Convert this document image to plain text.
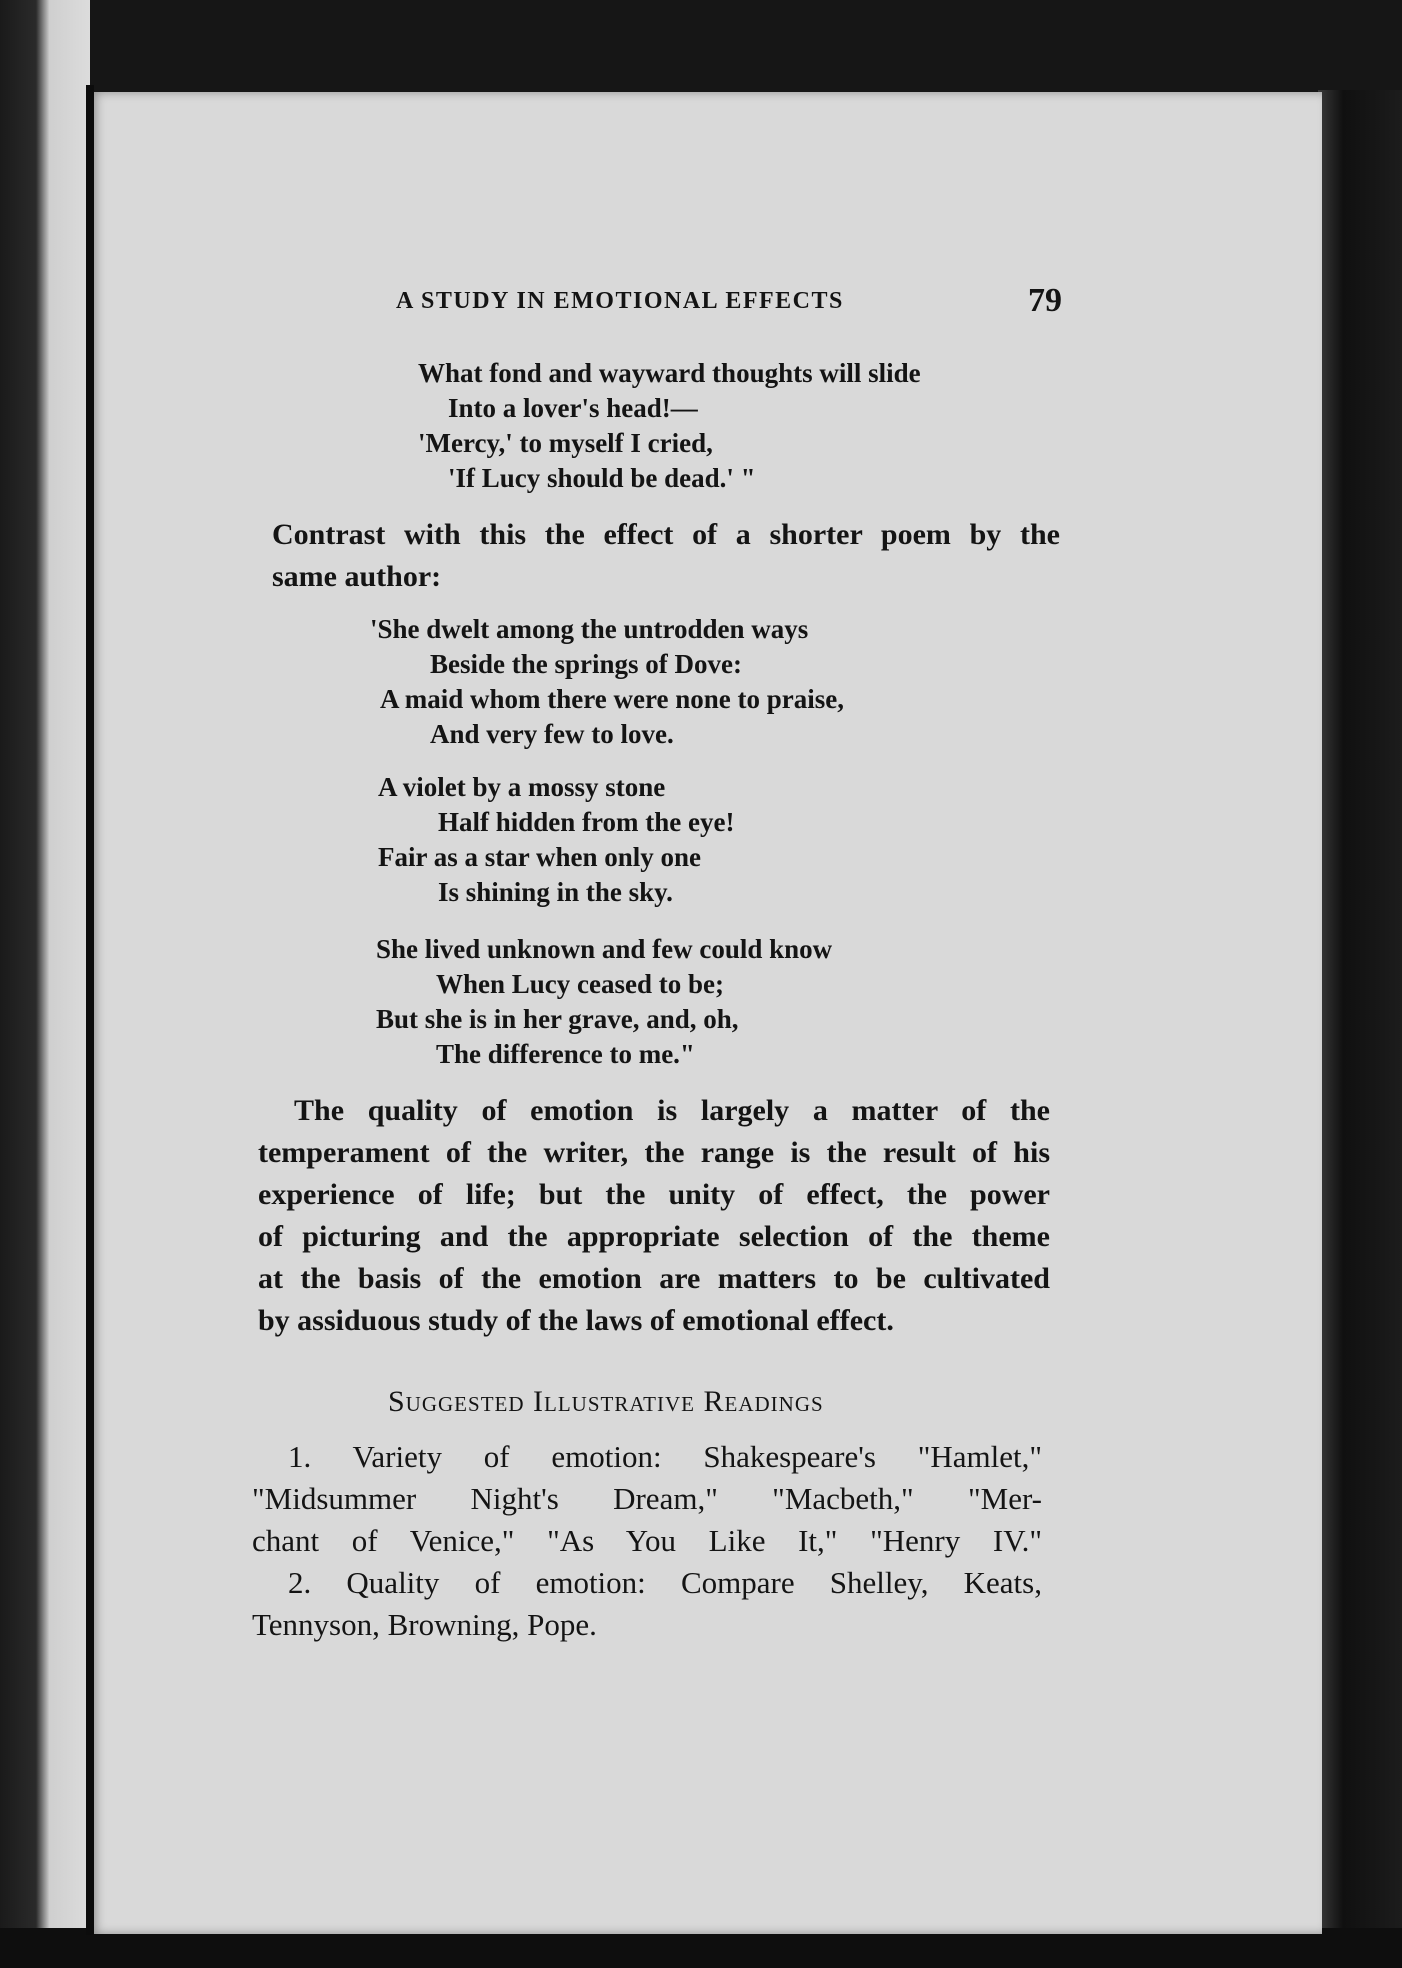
A STUDY IN EMOTIONAL EFFECTS	79
What fond and wayward thoughts will slide
Into a lover's head!—
'Mercy,' to myself I cried,
'If Lucy should be dead.' "
Contrast with this the effect of a shorter poem by the
same author:
'She dwelt among the untrodden ways
Beside the springs of Dove:
A maid whom there were none to praise,
And very few to love.
A violet by a mossy stone
Half hidden from the eye!
Fair as a star when only one
Is shining in the sky.
She lived unknown and few could know
When Lucy ceased to be;
But she is in her grave, and, oh,
The difference to me."
The quality of emotion is largely a matter of the
temperament of the writer, the range is the result of his
experience of life; but the unity of effect, the power
of picturing and the appropriate selection of the theme
at the basis of the emotion are matters to be cultivated
by assiduous study of the laws of emotional effect.
Suggested Illustrative Readings
1. Variety of emotion: Shakespeare's "Hamlet,"
"Midsummer Night's Dream," "Macbeth," "Mer-
chant of Venice," "As You Like It," "Henry IV."
2. Quality of emotion: Compare Shelley, Keats,
Tennyson, Browning, Pope.
